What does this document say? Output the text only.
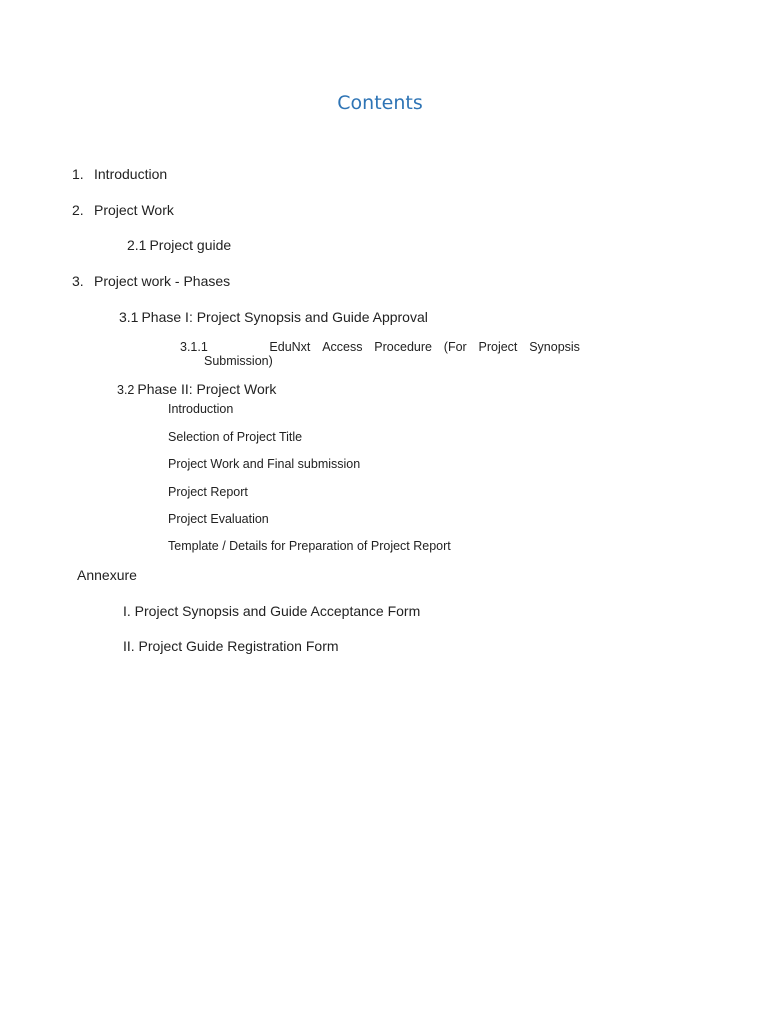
Contents
1. Introduction
2. Project Work
2.1 Project guide
3. Project work - Phases
3.1 Phase I: Project Synopsis and Guide Approval
3.1.1	EduNxt Access Procedure (For Project Synopsis
Submission)
3.2 Phase II: Project Work
Introduction
Selection of Project Title
Project Work and Final submission
Project Report
Project Evaluation
Template / Details for Preparation of Project Report
Annexure
I. Project Synopsis and Guide Acceptance Form
II. Project Guide Registration Form
